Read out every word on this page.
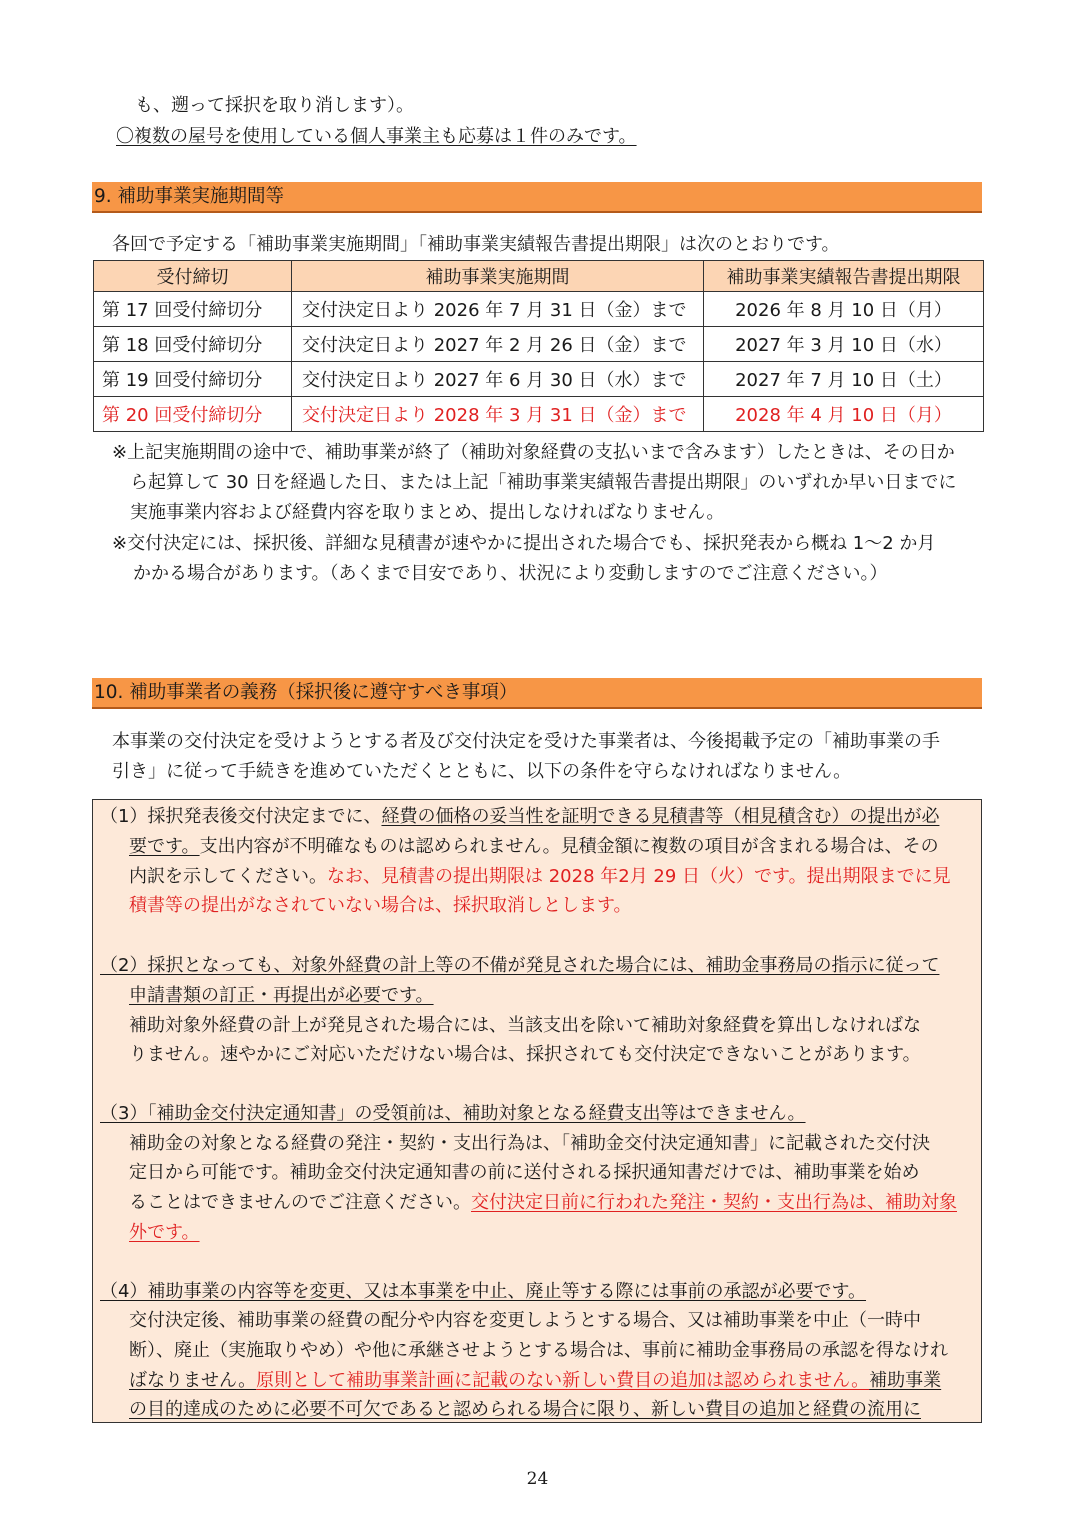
も、遡って採択を取り消します）。
〇複数の屋号を使用している個人事業主も応募は１件のみです。
9. 補助事業実施期間等
各回で予定する「補助事業実施期間」「補助事業実績報告書提出期限」は次のとおりです。
受付締切	補助事業実施期間	補助事業実績報告書提出期限
第 17 回受付締切分	交付決定日より 2026 年 7 月 31 日（金）まで	2026 年 8 月 10 日（月）
第 18 回受付締切分	交付決定日より 2027 年 2 月 26 日（金）まで	2027 年 3 月 10 日（水）
第 19 回受付締切分	交付決定日より 2027 年 6 月 30 日（水）まで	2027 年 7 月 10 日（土）
第 20 回受付締切分	交付決定日より 2028 年 3 月 31 日（金）まで	2028 年 4 月 10 日（月）
※上記実施期間の途中で、補助事業が終了（補助対象経費の支払いまで含みます）したときは、その日か
ら起算して 30 日を経過した日、または上記「補助事業実績報告書提出期限」のいずれか早い日までに
実施事業内容および経費内容を取りまとめ、提出しなければなりません。
※交付決定には、採択後、詳細な見積書が速やかに提出された場合でも、採択発表から概ね 1～2 か月
かかる場合があります。（あくまで目安であり、状況により変動しますのでご注意ください。）
10. 補助事業者の義務（採択後に遵守すべき事項）
本事業の交付決定を受けようとする者及び交付決定を受けた事業者は、今後掲載予定の「補助事業の手
引き」に従って手続きを進めていただくとともに、以下の条件を守らなければなりません。
（1）採択発表後交付決定までに、経費の価格の妥当性を証明できる見積書等（相見積含む）の提出が必
要です。支出内容が不明確なものは認められません。見積金額に複数の項目が含まれる場合は、その
内訳を示してください。なお、見積書の提出期限は 2028 年2月 29 日（火）です。提出期限までに見
積書等の提出がなされていない場合は、採択取消しとします。
（2）採択となっても、対象外経費の計上等の不備が発見された場合には、補助金事務局の指示に従って
申請書類の訂正・再提出が必要です。
補助対象外経費の計上が発見された場合には、当該支出を除いて補助対象経費を算出しなければな
りません。速やかにご対応いただけない場合は、採択されても交付決定できないことがあります。
（3）「補助金交付決定通知書」の受領前は、補助対象となる経費支出等はできません。
補助金の対象となる経費の発注・契約・支出行為は、「補助金交付決定通知書」に記載された交付決
定日から可能です。補助金交付決定通知書の前に送付される採択通知書だけでは、補助事業を始め
ることはできませんのでご注意ください。交付決定日前に行われた発注・契約・支出行為は、補助対象
外です。
（4）補助事業の内容等を変更、又は本事業を中止、廃止等する際には事前の承認が必要です。
交付決定後、補助事業の経費の配分や内容を変更しようとする場合、又は補助事業を中止（一時中
断）、廃止（実施取りやめ）や他に承継させようとする場合は、事前に補助金事務局の承認を得なけれ
ばなりません。原則として補助事業計画に記載のない新しい費目の追加は認められません。補助事業
の目的達成のために必要不可欠であると認められる場合に限り、新しい費目の追加と経費の流用に
24
